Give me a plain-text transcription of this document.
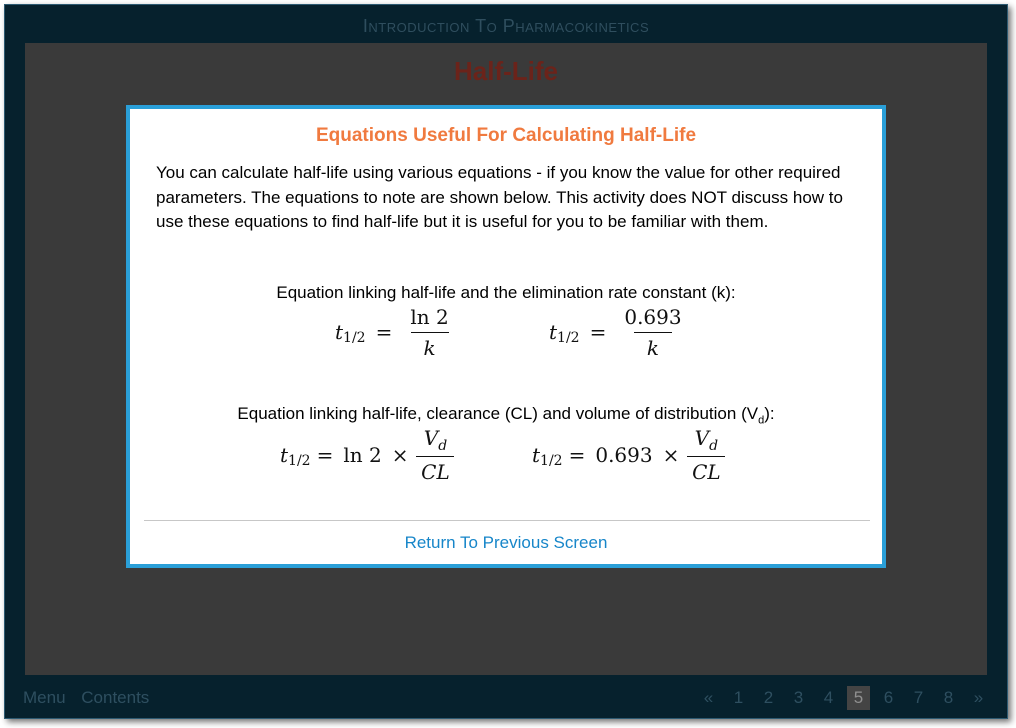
Introduction To Pharmacokinetics
Half-Life
Equations Useful For Calculating Half-Life
You can calculate half-life using various equations - if you know the value for other required parameters. The equations to note are shown below. This activity does NOT discuss how to use these equations to find half-life but it is useful for you to be familiar with them.
Equation linking half-life and the elimination rate constant (k):
t $1/2 = \frac{\ln 2}{k}$	t $1/2 = \frac{0.693}{k}$
Equation linking half-life, clearance (CL) and volume of distribution $(V_d)$:
t $1/2 = \ln 2 \times \frac{V_d}{CL}$	t $1/2 = 0.693 \times \frac{V_d}{CL}$
Return To Previous Screen
Menu Contents	«	1	2	3	4	5	6	7	8	»
